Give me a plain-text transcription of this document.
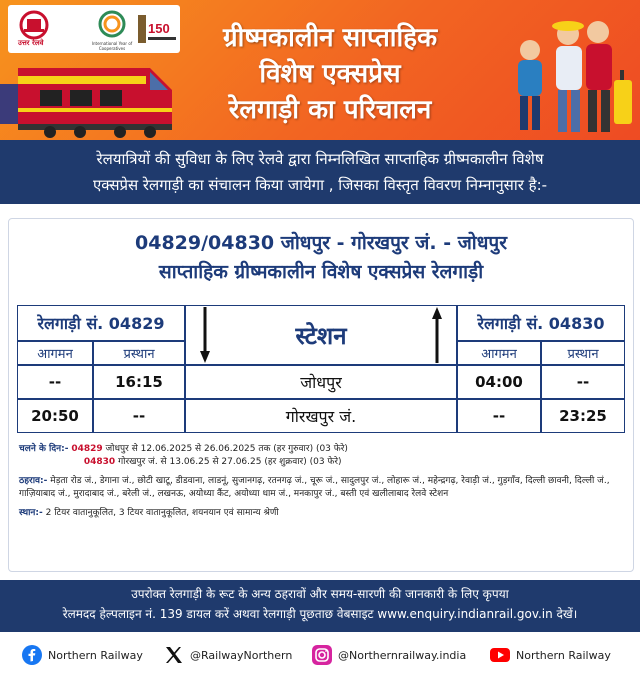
उत्तर रेलवे	International Year of Cooperatives
150	ग्रीष्मकालीन साप्ताहिक
विशेष एक्सप्रेस
रेलगाड़ी का परिचालन
रेलयात्रियों की सुविधा के लिए रेलवे द्वारा निम्नलिखित साप्ताहिक ग्रीष्मकालीन विशेष
एक्सप्रेस रेलगाड़ी का संचालन किया जायेगा , जिसका विस्तृत विवरण निम्नानुसार है:-
04829/04830 जोधपुर - गोरखपुर जं. - जोधपुर
साप्ताहिक ग्रीष्मकालीन विशेष एक्सप्रेस रेलगाड़ी
रेलगाड़ी सं. 04829	स्टेशन	रेलगाड़ी सं. 04830
आगमन	प्रस्थान	आगमन	प्रस्थान
--	16:15	जोधपुर	04:00	--
20:50	--	गोरखपुर जं.	--	23:25

चलने के दिन:- 04829 जोधपुर से 12.06.2025 से 26.06.2025 तक (हर गुरुवार) (03 फेरे)
04830 गोरखपुर जं. से 13.06.25 से 27.06.25 (हर शुक्रवार) (03 फेरे)

ठहराव:- मेड़ता रोड जं., डेगाना जं., छोटी खाटू, डीडवाना, लाडनूं, सुजानगढ़, रतनगढ़ जं., चूरू जं., सादुलपुर जं., लोहारू जं., महेन्द्रगढ़, रेवाड़ी जं., गुड़गाँव, दिल्ली छावनी, दिल्ली जं., गाज़ियाबाद जं., मुरादाबाद जं., बरेली जं., लखनऊ, अयोध्या कैंट, अयोध्या धाम जं., मनकापुर जं., बस्ती एवं खलीलाबाद रेलवे स्टेशन

स्थान:- 2 टियर वातानुकूलित, 3 टियर वातानुकूलित, शयनयान एवं सामान्य श्रेणी

उपरोक्त रेलगाड़ी के रूट के अन्य ठहरावों और समय-सारणी की जानकारी के लिए कृपया
रेलमदद हेल्पलाइन नं. 139 डायल करें अथवा रेलगाड़ी पूछताछ वेबसाइट www.enquiry.indianrail.gov.in देखें।
Northern Railway	@RailwayNorthern	@Northernrailway.india	Northern Railway
